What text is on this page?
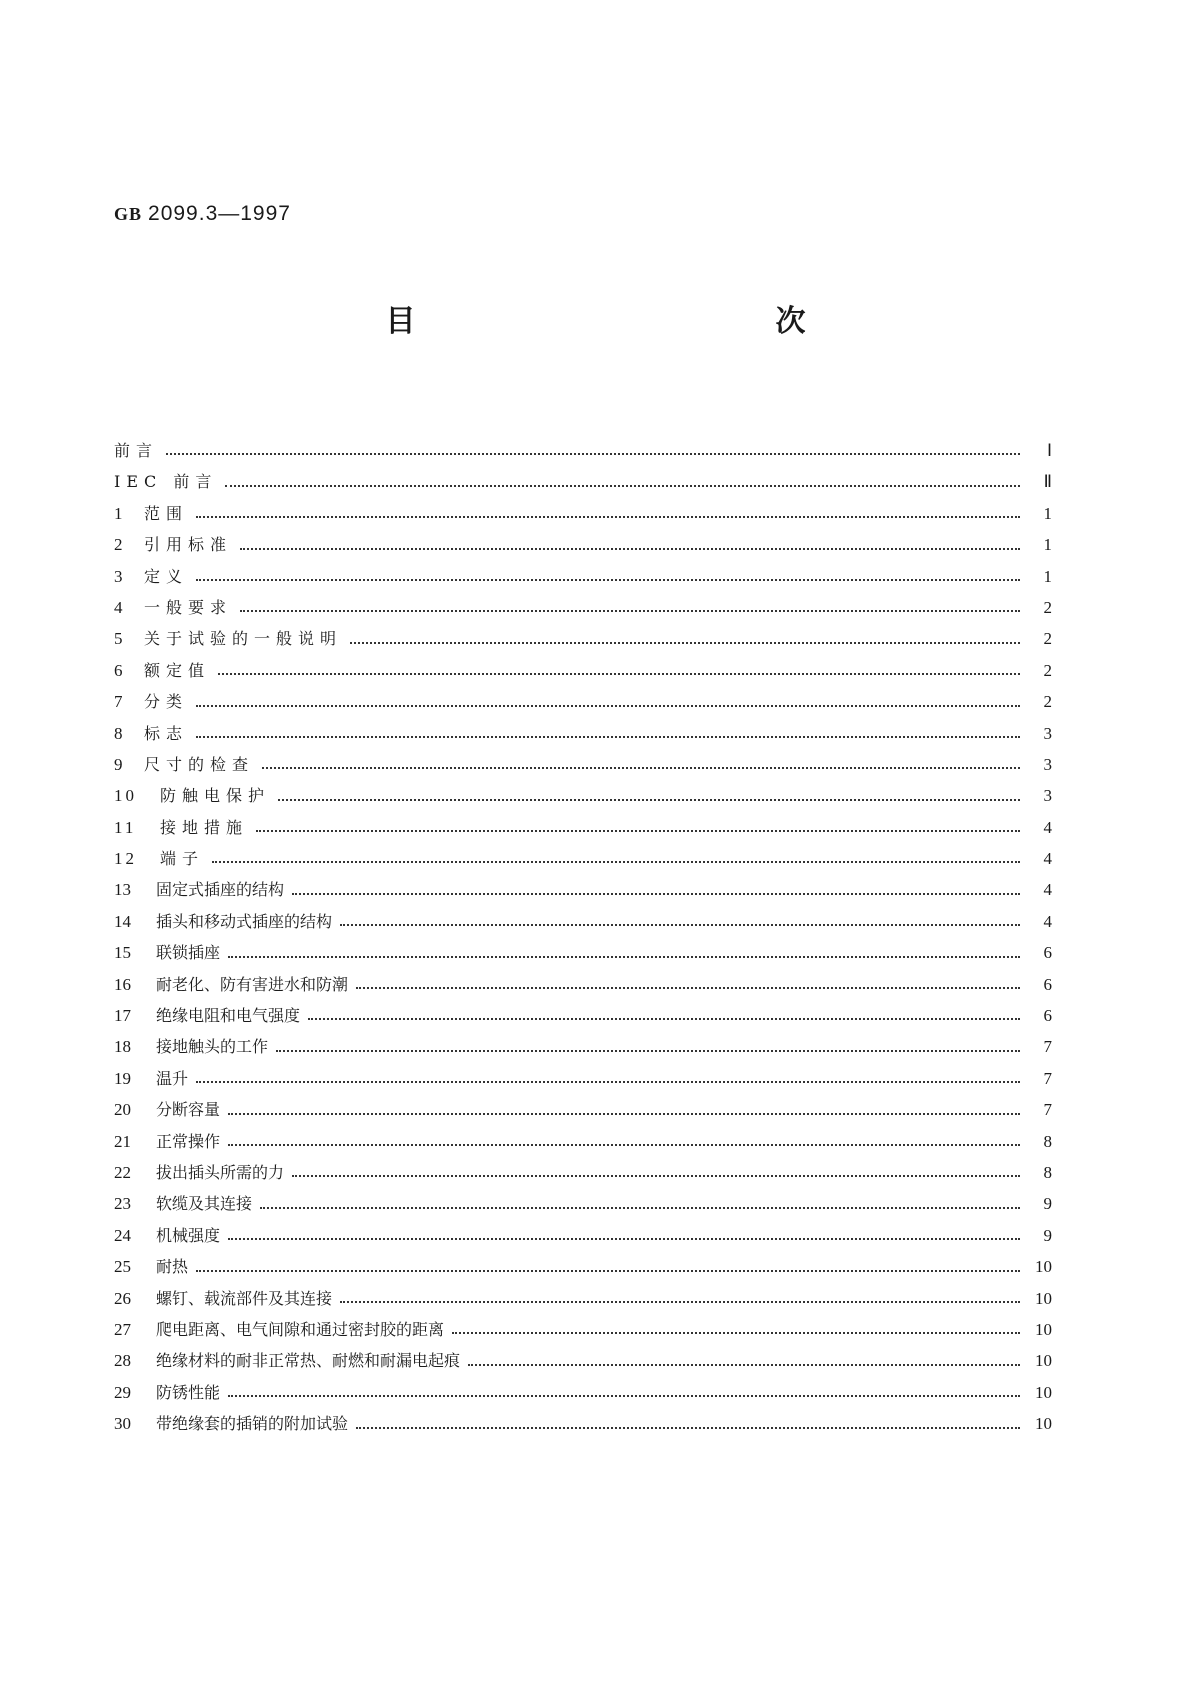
GB 2099.3—1997
目　　次
前言	Ⅰ
IEC 前言	Ⅱ
1	范围	1
2	引用标准	1
3	定义	1
4	一般要求	2
5	关于试验的一般说明	2
6	额定值	2
7	分类	2
8	标志	3
9	尺寸的检查	3
10	防触电保护	3
11	接地措施	4
12	端子	4
13	固定式插座的结构	4
14	插头和移动式插座的结构	4
15	联锁插座	6
16	耐老化、防有害进水和防潮	6
17	绝缘电阻和电气强度	6
18	接地触头的工作	7
19	温升	7
20	分断容量	7
21	正常操作	8
22	拔出插头所需的力	8
23	软缆及其连接	9
24	机械强度	9
25	耐热	10
26	螺钉、载流部件及其连接	10
27	爬电距离、电气间隙和通过密封胶的距离	10
28	绝缘材料的耐非正常热、耐燃和耐漏电起痕	10
29	防锈性能	10
30	带绝缘套的插销的附加试验	10
